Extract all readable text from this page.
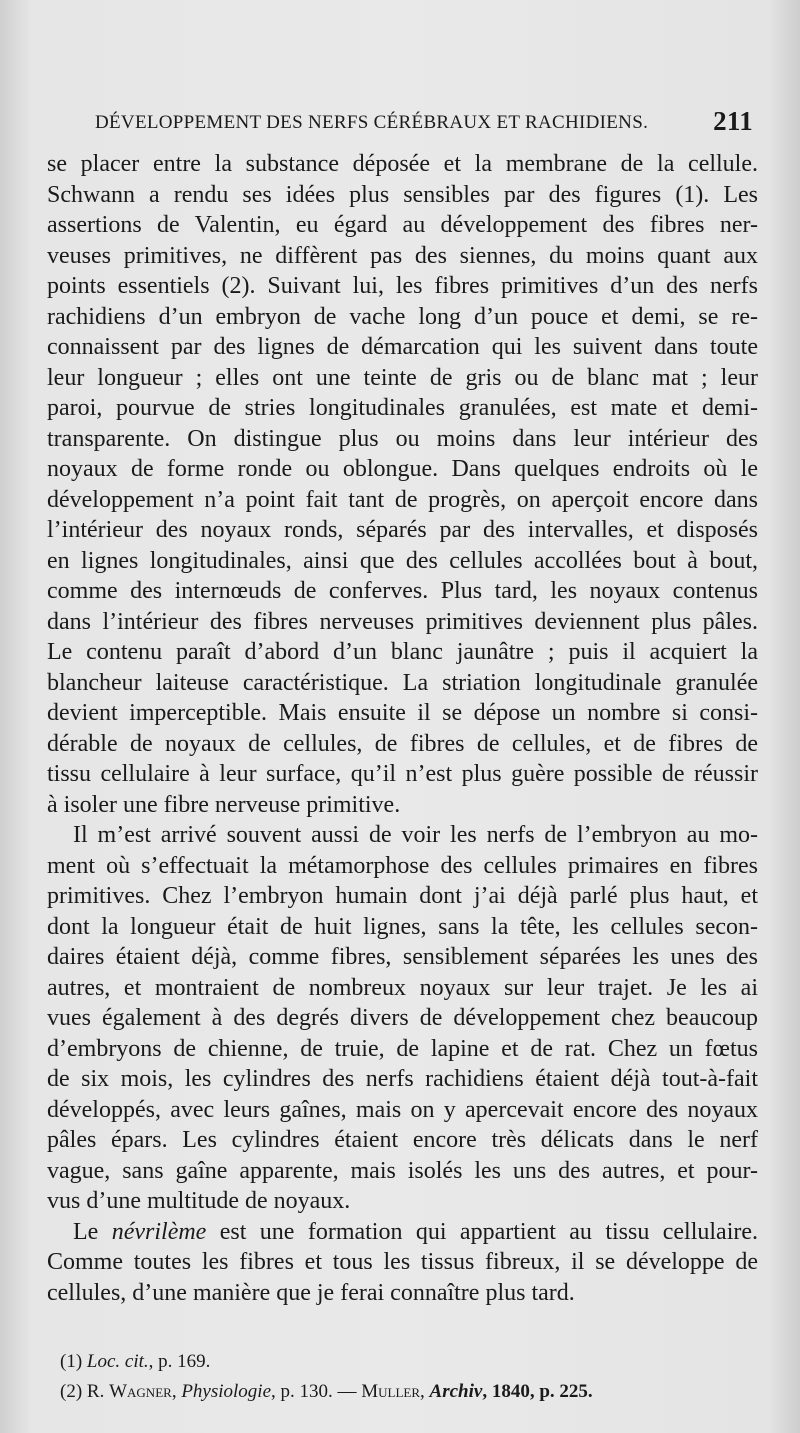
DÉVELOPPEMENT DES NERFS CÉRÉBRAUX ET RACHIDIENS. 211
se placer entre la substance déposée et la membrane de la cellule.
Schwann a rendu ses idées plus sensibles par des figures (1). Les
assertions de Valentin, eu égard au développement des fibres ner-
veuses primitives, ne diffèrent pas des siennes, du moins quant aux
points essentiels (2). Suivant lui, les fibres primitives d’un des nerfs
rachidiens d’un embryon de vache long d’un pouce et demi, se re-
connaissent par des lignes de démarcation qui les suivent dans toute
leur longueur ; elles ont une teinte de gris ou de blanc mat ; leur
paroi, pourvue de stries longitudinales granulées, est mate et demi-
transparente. On distingue plus ou moins dans leur intérieur des
noyaux de forme ronde ou oblongue. Dans quelques endroits où le
développement n’a point fait tant de progrès, on aperçoit encore dans
l’intérieur des noyaux ronds, séparés par des intervalles, et disposés
en lignes longitudinales, ainsi que des cellules accollées bout à bout,
comme des internœuds de conferves. Plus tard, les noyaux contenus
dans l’intérieur des fibres nerveuses primitives deviennent plus pâles.
Le contenu paraît d’abord d’un blanc jaunâtre ; puis il acquiert la
blancheur laiteuse caractéristique. La striation longitudinale granulée
devient imperceptible. Mais ensuite il se dépose un nombre si consi-
dérable de noyaux de cellules, de fibres de cellules, et de fibres de
tissu cellulaire à leur surface, qu’il n’est plus guère possible de réussir
à isoler une fibre nerveuse primitive.
Il m’est arrivé souvent aussi de voir les nerfs de l’embryon au mo-
ment où s’effectuait la métamorphose des cellules primaires en fibres
primitives. Chez l’embryon humain dont j’ai déjà parlé plus haut, et
dont la longueur était de huit lignes, sans la tête, les cellules secon-
daires étaient déjà, comme fibres, sensiblement séparées les unes des
autres, et montraient de nombreux noyaux sur leur trajet. Je les ai
vues également à des degrés divers de développement chez beaucoup
d’embryons de chienne, de truie, de lapine et de rat. Chez un fœtus
de six mois, les cylindres des nerfs rachidiens étaient déjà tout-à-fait
développés, avec leurs gaînes, mais on y apercevait encore des noyaux
pâles épars. Les cylindres étaient encore très délicats dans le nerf
vague, sans gaîne apparente, mais isolés les uns des autres, et pour-
vus d’une multitude de noyaux.
Le névrilème est une formation qui appartient au tissu cellulaire.
Comme toutes les fibres et tous les tissus fibreux, il se développe de
cellules, d’une manière que je ferai connaître plus tard.
(1) Loc. cit., p. 169.
(2) R. Wagner, Physiologie, p. 130. — Muller, Archiv, 1840, p. 225.
